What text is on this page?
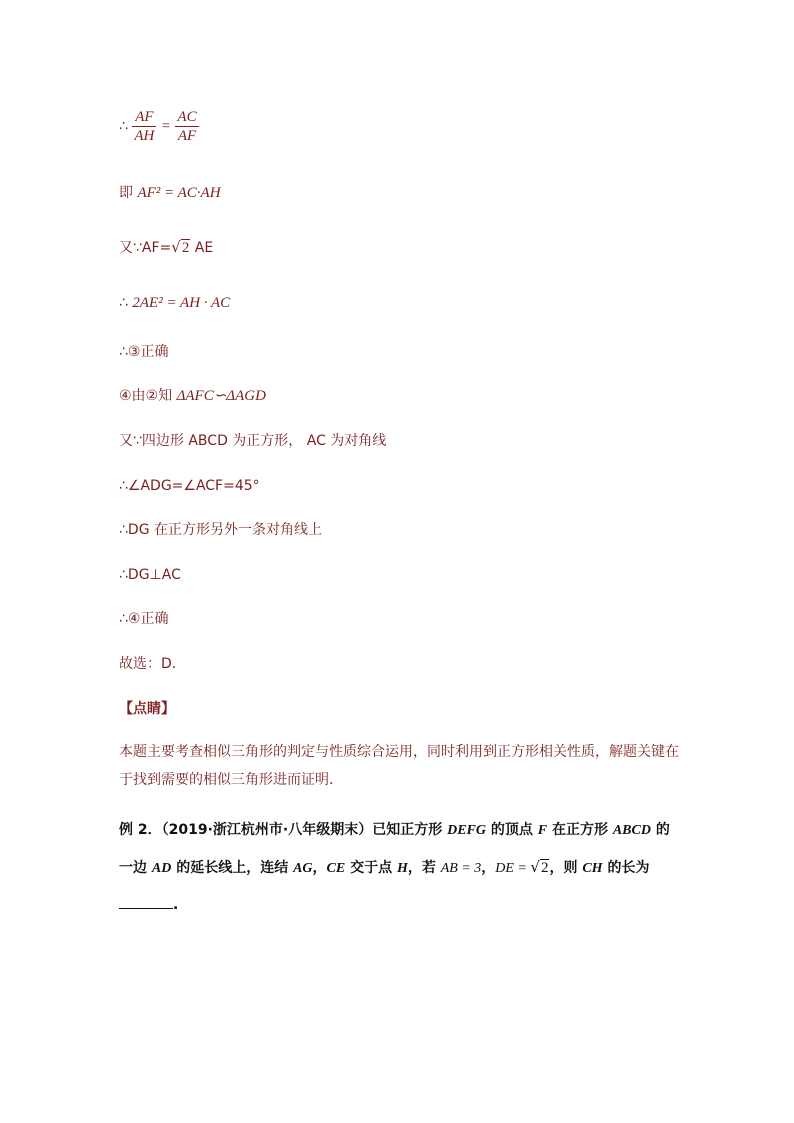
∴ $\frac{AF}{AH} = \frac{AC}{AF}$
即 AF² = AC·AH
又∵AF=√2 AE
∴ 2AE² = AH · AC
∴③正确
④由②知 ΔAFC∽ΔAGD
又∵四边形 ABCD 为正方形， AC 为对角线
∴∠ADG=∠ACF=45°
∴DG 在正方形另外一条对角线上
∴DG⊥AC
∴④正确
故选：D．
【点睛】
本题主要考查相似三角形的判定与性质综合运用，同时利用到正方形相关性质，解题关键在于找到需要的相似三角形进而证明．
例 2．（2019·浙江杭州市·八年级期末）已知正方形 DEFG 的顶点 F 在正方形 ABCD 的一边 AD 的延长线上，连结 AG，CE 交于点 H，若 AB = 3，DE = √2，则 CH 的长为.
